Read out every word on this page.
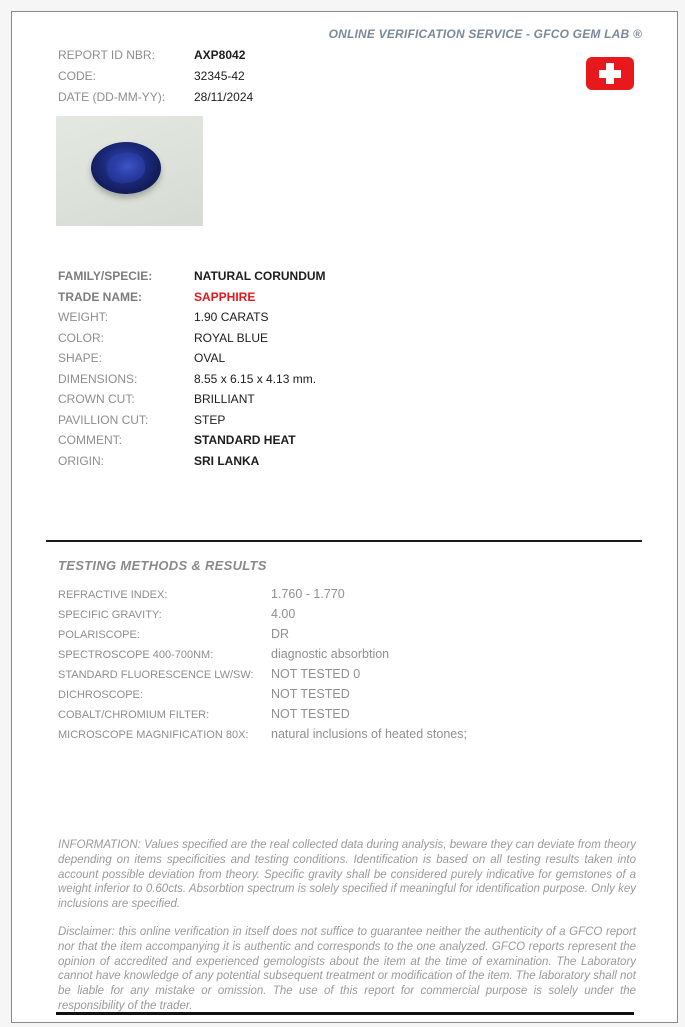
ONLINE VERIFICATION SERVICE - GFCO GEM LAB ®
REPORT ID NBR:	AXP8042
CODE:	32345-42
DATE (DD-MM-YY): 28/11/2024
FAMILY/SPECIE:	NATURAL CORUNDUM
TRADE NAME:	SAPPHIRE
WEIGHT:	1.90 CARATS
COLOR:	ROYAL BLUE
SHAPE:	OVAL
DIMENSIONS:	8.55 x 6.15 x 4.13 mm.
CROWN CUT:	BRILLIANT
PAVILLION CUT:	STEP
COMMENT:	STANDARD HEAT
ORIGIN:	SRI LANKA
TESTING METHODS & RESULTS
REFRACTIVE INDEX:	1.760 - 1.770
SPECIFIC GRAVITY:	4.00
POLARISCOPE:	DR
SPECTROSCOPE 400-700NM:	diagnostic absorbtion
STANDARD FLUORESCENCE LW/SW: NOT TESTED 0
DICHROSCOPE:	NOT TESTED
COBALT/CHROMIUM FILTER:	NOT TESTED
MICROSCOPE MAGNIFICATION 80X: natural inclusions of heated stones;
INFORMATION: Values specified are the real collected data during analysis, beware they can deviate from theory depending on items specificities and testing conditions. Identification is based on all testing results taken into account possible deviation from theory. Specific gravity shall be considered purely indicative for gemstones of a weight inferior to 0.60cts. Absorbtion spectrum is solely specified if meaningful for identification purpose. Only key inclusions are specified.
Disclaimer: this online verification in itself does not suffice to guarantee neither the authenticity of a GFCO report nor that the item accompanying it is authentic and corresponds to the one analyzed. GFCO reports represent the opinion of accredited and experienced gemologists about the item at the time of examination. The Laboratory cannot have knowledge of any potential subsequent treatment or modification of the item. The laboratory shall not be liable for any mistake or omission. The use of this report for commercial purpose is solely under the responsibility of the trader.
